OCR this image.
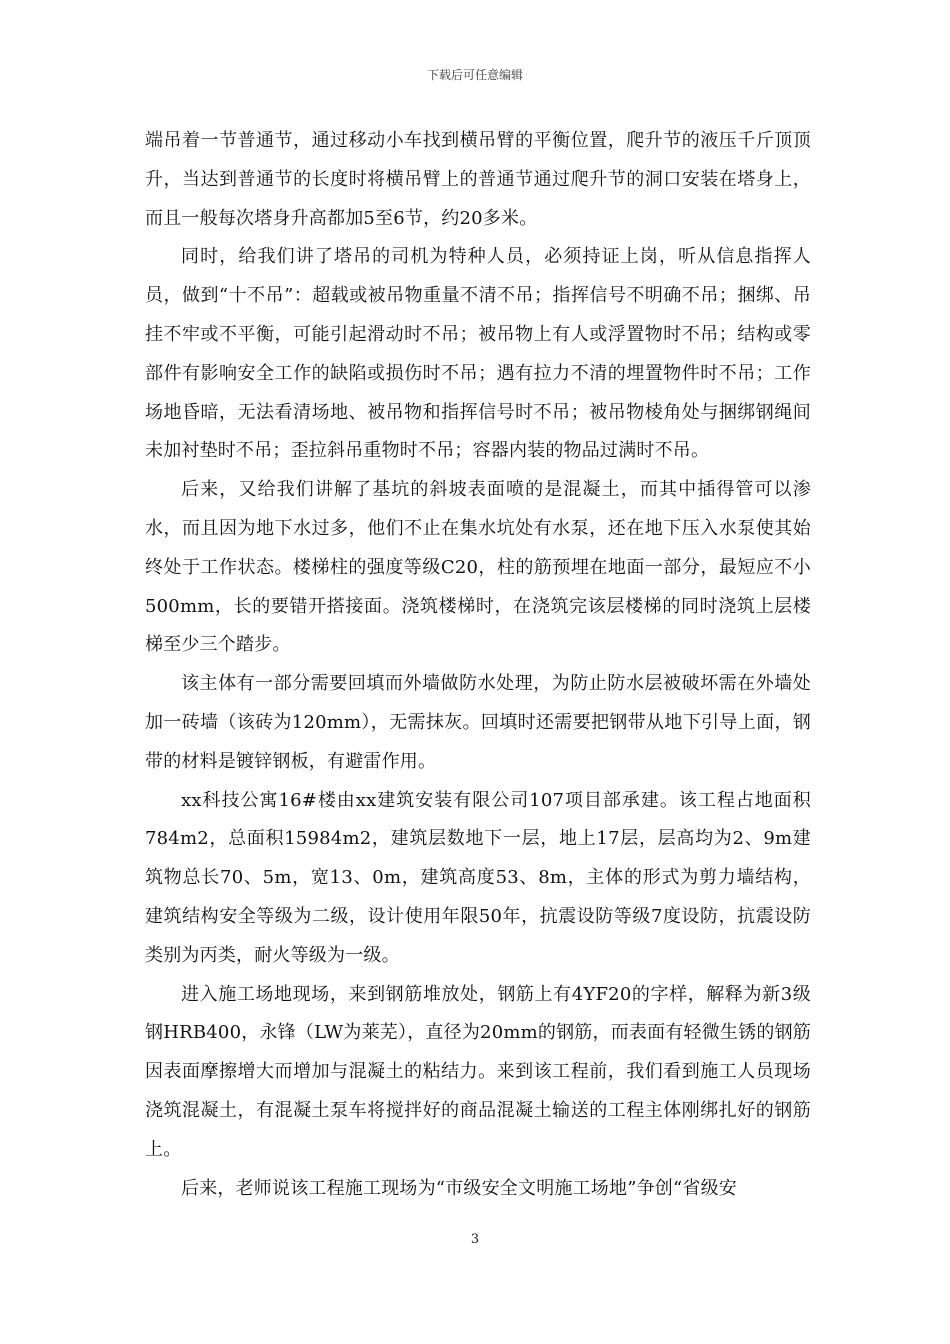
下载后可任意编辑

端吊着一节普通节，通过移动小车找到横吊臂的平衡位置，爬升节的液压千斤顶顶升，当达到普通节的长度时将横吊臂上的普通节通过爬升节的洞口安装在塔身上，而且一般每次塔身升高都加5至6节，约20多米。

同时，给我们讲了塔吊的司机为特种人员，必须持证上岗，听从信息指挥人员，做到“十不吊”：超载或被吊物重量不清不吊；指挥信号不明确不吊；捆绑、吊挂不牢或不平衡，可能引起滑动时不吊；被吊物上有人或浮置物时不吊；结构或零部件有影响安全工作的缺陷或损伤时不吊；遇有拉力不清的埋置物件时不吊；工作场地昏暗，无法看清场地、被吊物和指挥信号时不吊；被吊物棱角处与捆绑钢绳间未加衬垫时不吊；歪拉斜吊重物时不吊；容器内装的物品过满时不吊。

后来，又给我们讲解了基坑的斜坡表面喷的是混凝土，而其中插得管可以渗水，而且因为地下水过多，他们不止在集水坑处有水泵，还在地下压入水泵使其始终处于工作状态。楼梯柱的强度等级C20，柱的筋预埋在地面一部分，最短应不小500mm，长的要错开搭接面。浇筑楼梯时，在浇筑完该层楼梯的同时浇筑上层楼梯至少三个踏步。

该主体有一部分需要回填而外墙做防水处理，为防止防水层被破坏需在外墙处加一砖墙（该砖为120mm），无需抹灰。回填时还需要把钢带从地下引导上面，钢带的材料是镀锌钢板，有避雷作用。

xx科技公寓16#楼由xx建筑安装有限公司107项目部承建。该工程占地面积784m2，总面积15984m2，建筑层数地下一层，地上17层，层高均为2、9m建筑物总长70、5m，宽13、0m，建筑高度53、8m，主体的形式为剪力墙结构，建筑结构安全等级为二级，设计使用年限50年，抗震设防等级7度设防，抗震设防类别为丙类，耐火等级为一级。

进入施工场地现场，来到钢筋堆放处，钢筋上有4YF20的字样，解释为新3级钢HRB400，永锋（LW为莱芜），直径为20mm的钢筋，而表面有轻微生锈的钢筋因表面摩擦增大而增加与混凝土的粘结力。来到该工程前，我们看到施工人员现场浇筑混凝土，有混凝土泵车将搅拌好的商品混凝土输送的工程主体刚绑扎好的钢筋上。

后来，老师说该工程施工现场为“市级安全文明施工场地”争创“省级安

3
